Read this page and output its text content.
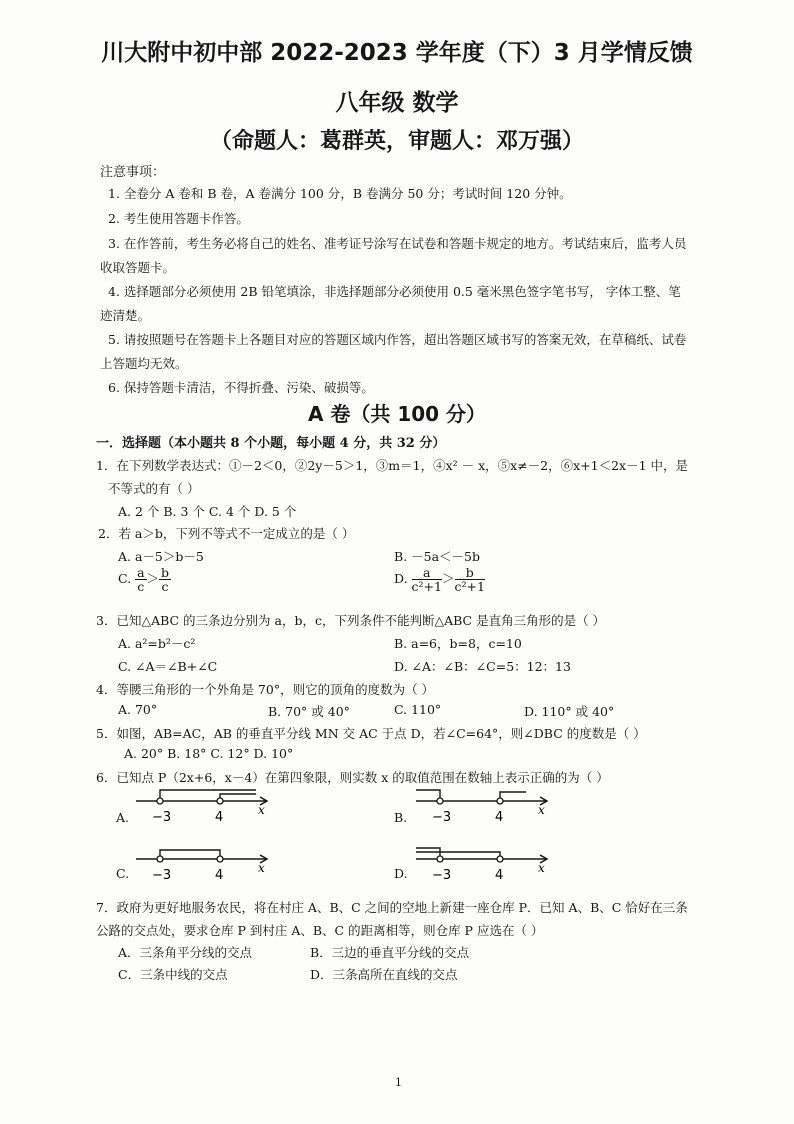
川大附中初中部 2022-2023 学年度（下）3 月学情反馈
八年级 数学
（命题人：葛群英，审题人：邓万强）
注意事项：
1. 全卷分 A 卷和 B 卷，A 卷满分 100 分，B 卷满分 50 分；考试时间 120 分钟。
2. 考生使用答题卡作答。
3. 在作答前，考生务必将自己的姓名、准考证号涂写在试卷和答题卡规定的地方。考试结束后，监考人员
收取答题卡。
4. 选择题部分必须使用 2B 铅笔填涂，非选择题部分必须使用 0.5 毫米黑色签字笔书写， 字体工整、笔
迹清楚。
5. 请按照题号在答题卡上各题目对应的答题区域内作答，超出答题区域书写的答案无效，在草稿纸、试卷
上答题均无效。
6. 保持答题卡清洁，不得折叠、污染、破损等。
A 卷（共 100 分）
一．选择题（本小题共 8 个小题，每小题 4 分，共 32 分）
1．在下列数学表达式：①－2＜0，②2y－5＞1，③m＝1，④x² － x，⑤x≠－2，⑥x+1＜2x－1 中，是
不等式的有（ ）
A. 2 个 B. 3 个 C. 4 个 D. 5 个
2．若 a＞b，下列不等式不一定成立的是（ ）
A. a－5＞b－5	B. －5a＜－5b
C. $\frac{a}{c} > \frac{b}{c}$	D. $\frac{a}{\text{c²+1}} > \frac{b}{\text{c²+1}}$
3．已知△ABC 的三条边分别为 a，b，c，下列条件不能判断△ABC 是直角三角形的是（ ）
A. a²=b²－c²	B. a=6，b=8，c=10
C. ∠A＝∠B+∠C	D. ∠A：∠B：∠C=5：12：13
4．等腰三角形的一个外角是 70°，则它的顶角的度数为（ ）
A. 70°	B. 70° 或 40°	C. 110°	D. 110° 或 40°
5．如图，AB=AC，AB 的垂直平分线 MN 交 AC 于点 D，若∠C=64°，则∠DBC 的度数是（ ）
A. 20° B. 18° C. 12° D. 10°
6．已知点 P（2x+6，x－4）在第四象限，则实数 x 的取值范围在数轴上表示正确的为（ ）
−3	4	x
A.	−3	4	x
B.
−3	4	x
C.	−3	4	x
D.
7．政府为更好地服务农民，将在村庄 A、B、C 之间的空地上新建一座仓库 P．已知 A、B、C 恰好在三条
公路的交点处，要求仓库 P 到村庄 A、B、C 的距离相等，则仓库 P 应选在（ ）
A．三条角平分线的交点	B．三边的垂直平分线的交点
C．三条中线的交点	D．三条高所在直线的交点
1
